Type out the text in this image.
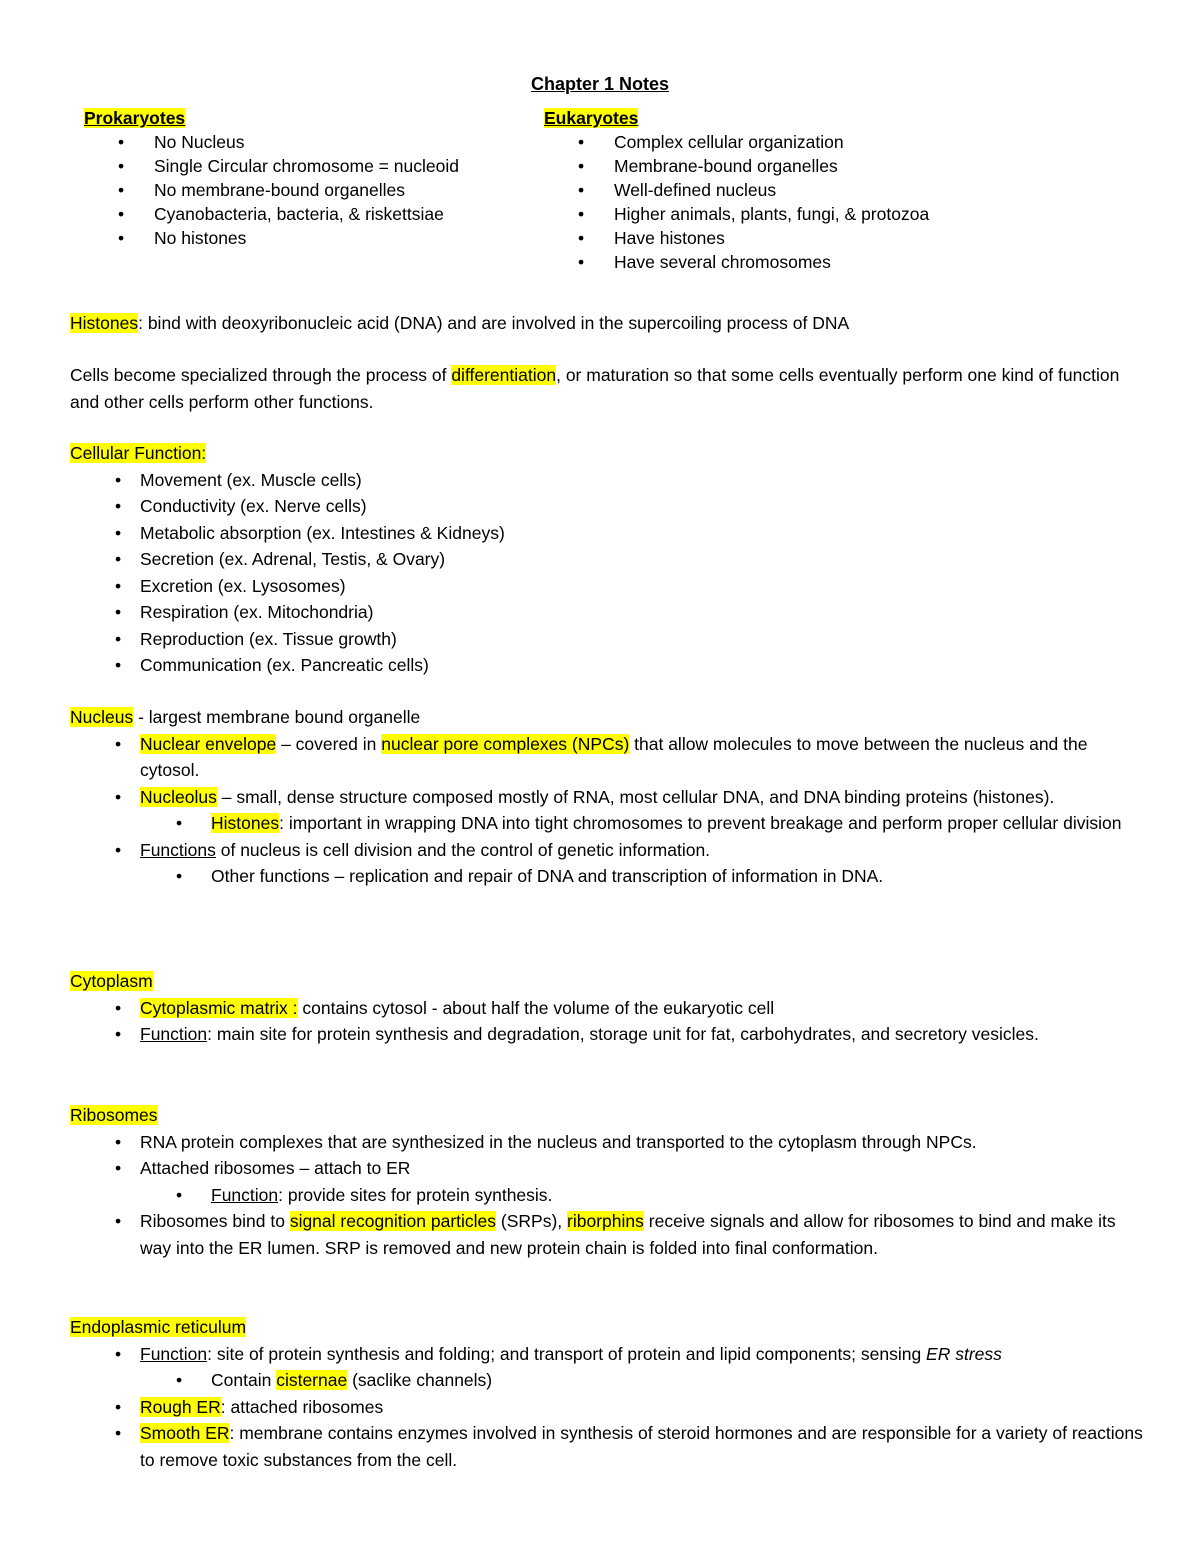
Chapter 1 Notes
Prokaryotes
• No Nucleus
• Single Circular chromosome = nucleoid
• No membrane-bound organelles
• Cyanobacteria, bacteria, & riskettsiae
• No histones
Eukaryotes
• Complex cellular organization
• Membrane-bound organelles
• Well-defined nucleus
• Higher animals, plants, fungi, & protozoa
• Have histones
• Have several chromosomes
Histones: bind with deoxyribonucleic acid (DNA) and are involved in the supercoiling process of DNA
Cells become specialized through the process of differentiation, or maturation so that some cells eventually perform one kind of function and other cells perform other functions.
Cellular Function:
• Movement (ex. Muscle cells)
• Conductivity (ex. Nerve cells)
• Metabolic absorption (ex. Intestines & Kidneys)
• Secretion (ex. Adrenal, Testis, & Ovary)
• Excretion (ex. Lysosomes)
• Respiration (ex. Mitochondria)
• Reproduction (ex. Tissue growth)
• Communication (ex. Pancreatic cells)
Nucleus - largest membrane bound organelle
• Nuclear envelope – covered in nuclear pore complexes (NPCs) that allow molecules to move between the nucleus and the cytosol.
• Nucleolus – small, dense structure composed mostly of RNA, most cellular DNA, and DNA binding proteins (histones).
• Histones: important in wrapping DNA into tight chromosomes to prevent breakage and perform proper cellular division
• Functions of nucleus is cell division and the control of genetic information.
• Other functions – replication and repair of DNA and transcription of information in DNA.
Cytoplasm
• Cytoplasmic matrix : contains cytosol - about half the volume of the eukaryotic cell
• Function: main site for protein synthesis and degradation, storage unit for fat, carbohydrates, and secretory vesicles.
Ribosomes
• RNA protein complexes that are synthesized in the nucleus and transported to the cytoplasm through NPCs.
• Attached ribosomes – attach to ER
• Function: provide sites for protein synthesis.
• Ribosomes bind to signal recognition particles (SRPs), riborphins receive signals and allow for ribosomes to bind and make its way into the ER lumen. SRP is removed and new protein chain is folded into final conformation.
Endoplasmic reticulum
• Function: site of protein synthesis and folding; and transport of protein and lipid components; sensing ER stress
• Contain cisternae (saclike channels)
• Rough ER: attached ribosomes
• Smooth ER: membrane contains enzymes involved in synthesis of steroid hormones and are responsible for a variety of reactions to remove toxic substances from the cell.
